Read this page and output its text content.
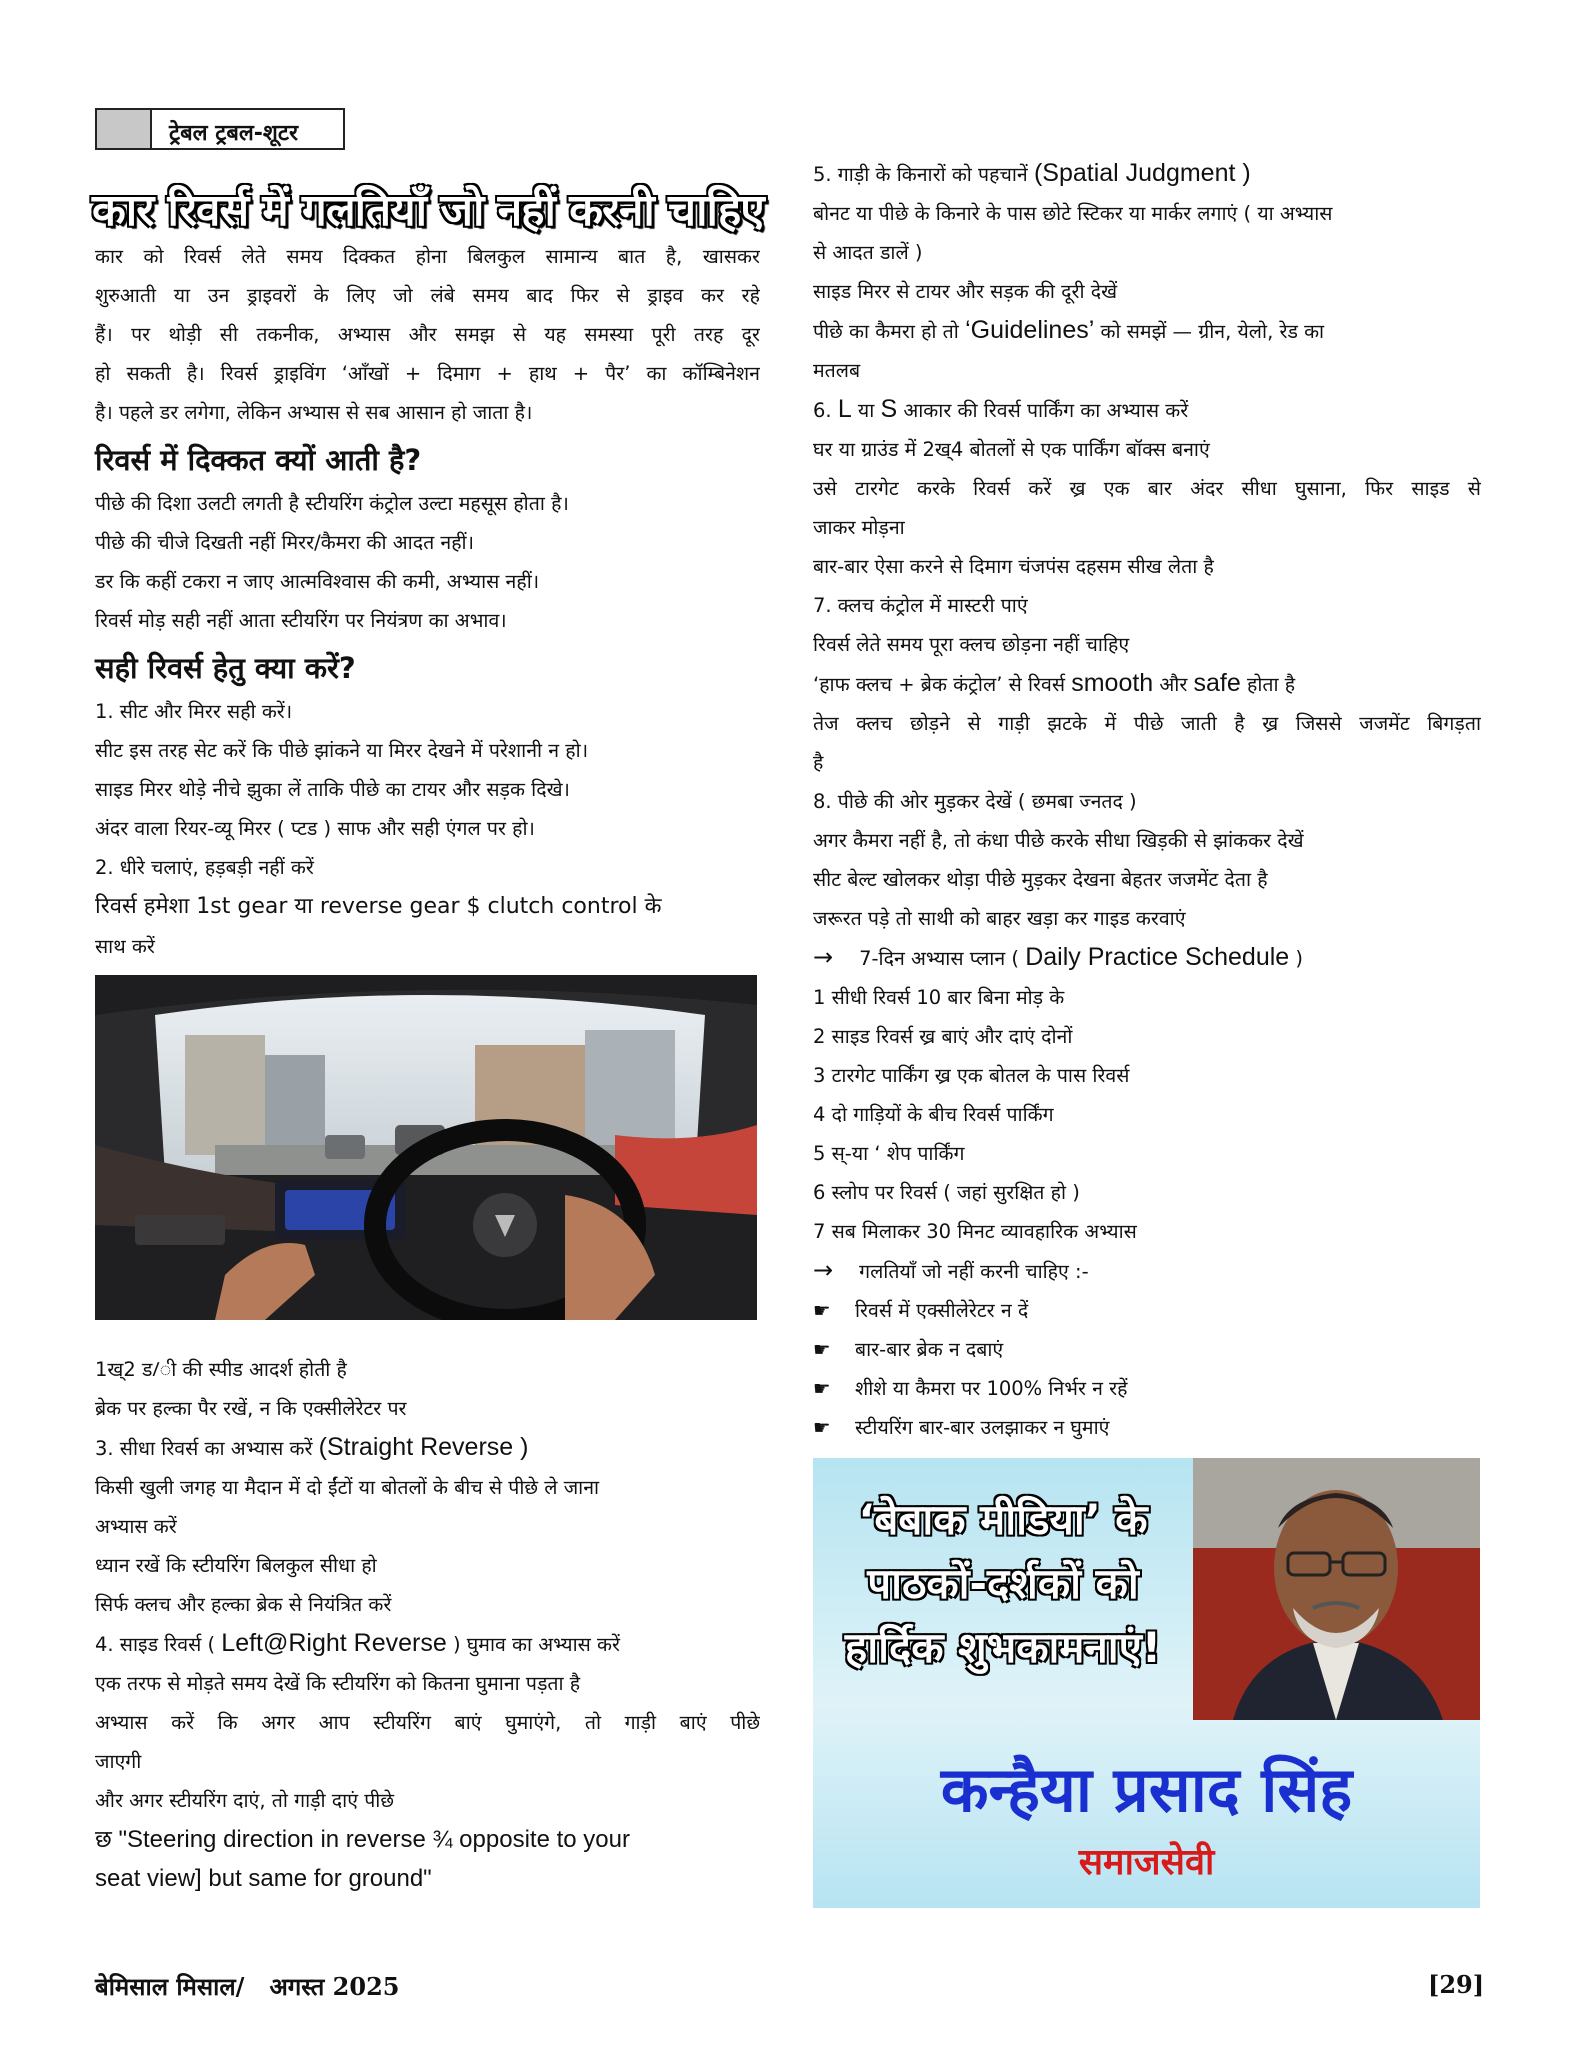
ट्रेबल ट्रबल-शूटर
कार रिवर्स में गलतियाँ जो नहीं करनी चाहिए
कार को रिवर्स लेते समय दिक्कत होना बिलकुल सामान्य बात है, खासकर
शुरुआती या उन ड्राइवरों के लिए जो लंबे समय बाद फिर से ड्राइव कर रहे
हैं। पर थोड़ी सी तकनीक, अभ्यास और समझ से यह समस्या पूरी तरह दूर
हो सकती है। रिवर्स ड्राइविंग ‘आँखों + दिमाग + हाथ + पैर’ का कॉम्बिनेशन
है। पहले डर लगेगा, लेकिन अभ्यास से सब आसान हो जाता है।
रिवर्स में दिक्कत क्यों आती है?
पीछे की दिशा उलटी लगती है स्टीयरिंग कंट्रोल उल्टा महसूस होता है।
पीछे की चीजे दिखती नहीं मिरर/कैमरा की आदत नहीं।
डर कि कहीं टकरा न जाए आत्मविश्वास की कमी, अभ्यास नहीं।
रिवर्स मोड़ सही नहीं आता स्टीयरिंग पर नियंत्रण का अभाव।
सही रिवर्स हेतु क्या करें?
1. सीट और मिरर सही करें।
सीट इस तरह सेट करें कि पीछे झांकने या मिरर देखने में परेशानी न हो।
साइड मिरर थोड़े नीचे झुका लें ताकि पीछे का टायर और सड़क दिखे।
अंदर वाला रियर-व्यू मिरर ( प्टड ) साफ और सही एंगल पर हो।
2. धीरे चलाएं, हड़बड़ी नहीं करें
रिवर्स हमेशा 1st gear या reverse gear $ clutch control के
साथ करें
1ख्2 ड/ी की स्पीड आदर्श होती है
ब्रेक पर हल्का पैर रखें, न कि एक्सीलेरेटर पर
3. सीधा रिवर्स का अभ्यास करें (Straight Reverse )
किसी खुली जगह या मैदान में दो ईंटों या बोतलों के बीच से पीछे ले जाना
अभ्यास करें
ध्यान रखें कि स्टीयरिंग बिलकुल सीधा हो
सिर्फ क्लच और हल्का ब्रेक से नियंत्रित करें
4. साइड रिवर्स ( Left@Right Reverse ) घुमाव का अभ्यास करें
एक तरफ से मोड़ते समय देखें कि स्टीयरिंग को कितना घुमाना पड़ता है
अभ्यास करें कि अगर आप स्टीयरिंग बाएं घुमाएंगे, तो गाड़ी बाएं पीछे
जाएगी
और अगर स्टीयरिंग दाएं, तो गाड़ी दाएं पीछे
छ "Steering direction in reverse ¾ opposite to your
seat view] but same for ground"
5. गाड़ी के किनारों को पहचानें (Spatial Judgment )
बोनट या पीछे के किनारे के पास छोटे स्टिकर या मार्कर लगाएं ( या अभ्यास
से आदत डालें )
साइड मिरर से टायर और सड़क की दूरी देखें
पीछे का कैमरा हो तो ‘Guidelines’ को समझें — ग्रीन, येलो, रेड का
मतलब
6. L या S आकार की रिवर्स पार्किंग का अभ्यास करें
घर या ग्राउंड में 2ख्4 बोतलों से एक पार्किंग बॉक्स बनाएं
उसे टारगेट करके रिवर्स करें ख्र एक बार अंदर सीधा घुसाना, फिर साइड से
जाकर मोड़ना
बार-बार ऐसा करने से दिमाग चंजपंस दहसम सीख लेता है
7. क्लच कंट्रोल में मास्टरी पाएं
रिवर्स लेते समय पूरा क्लच छोड़ना नहीं चाहिए
‘हाफ क्लच + ब्रेक कंट्रोल’ से रिवर्स smooth और safe होता है
तेज क्लच छोड़ने से गाड़ी झटके में पीछे जाती है ख्र जिससे जजमेंट बिगड़ता
है
8. पीछे की ओर मुड़कर देखें ( छमबा ज्नतद )
अगर कैमरा नहीं है, तो कंधा पीछे करके सीधा खिड़की से झांककर देखें
सीट बेल्ट खोलकर थोड़ा पीछे मुड़कर देखना बेहतर जजमेंट देता है
जरूरत पड़े तो साथी को बाहर खड़ा कर गाइड करवाएं
→ 7-दिन अभ्यास प्लान ( Daily Practice Schedule )
1 सीधी रिवर्स 10 बार बिना मोड़ के
2 साइड रिवर्स ख्र बाएं और दाएं दोनों
3 टारगेट पार्किंग ख्र एक बोतल के पास रिवर्स
4 दो गाड़ियों के बीच रिवर्स पार्किंग
5 स्-या ‘ शेप पार्किंग
6 स्लोप पर रिवर्स ( जहां सुरक्षित हो )
7 सब मिलाकर 30 मिनट व्यावहारिक अभ्यास
→ गलतियाँ जो नहीं करनी चाहिए :-
☛ रिवर्स में एक्सीलेरेटर न दें
☛ बार-बार ब्रेक न दबाएं
☛ शीशे या कैमरा पर 100% निर्भर न रहें
☛ स्टीयरिंग बार-बार उलझाकर न घुमाएं
‘बेबाक मीडिया’ के
पाठकों-दर्शकों को
हार्दिक शुभकामनाएं!
कन्हैया प्रसाद सिंह
समाजसेवी
बेमिसाल मिसाल/   अगस्त 2025	[29]
